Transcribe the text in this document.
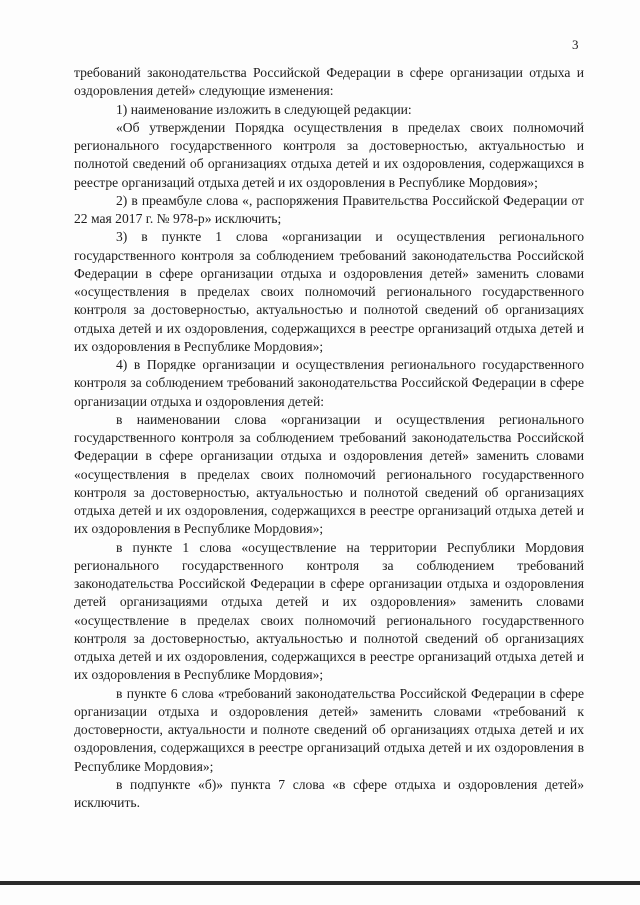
3

требований законодательства Российской Федерации в сфере организации отдыха и оздоровления детей» следующие изменения:

1) наименование изложить в следующей редакции:

«Об утверждении Порядка осуществления в пределах своих полномочий регионального государственного контроля за достоверностью, актуальностью и полнотой сведений об организациях отдыха детей и их оздоровления, содержащихся в реестре организаций отдыха детей и их оздоровления в Республике Мордовия»;

2) в преамбуле слова «, распоряжения Правительства Российской Федерации от 22 мая 2017 г. № 978-р» исключить;

3) в пункте 1 слова «организации и осуществления регионального государственного контроля за соблюдением требований законодательства Российской Федерации в сфере организации отдыха и оздоровления детей» заменить словами «осуществления в пределах своих полномочий регионального государственного контроля за достоверностью, актуальностью и полнотой сведений об организациях отдыха детей и их оздоровления, содержащихся в реестре организаций отдыха детей и их оздоровления в Республике Мордовия»;

4) в Порядке организации и осуществления регионального государственного контроля за соблюдением требований законодательства Российской Федерации в сфере организации отдыха и оздоровления детей:

в наименовании слова «организации и осуществления регионального государственного контроля за соблюдением требований законодательства Российской Федерации в сфере организации отдыха и оздоровления детей» заменить словами «осуществления в пределах своих полномочий регионального государственного контроля за достоверностью, актуальностью и полнотой сведений об организациях отдыха детей и их оздоровления, содержащихся в реестре организаций отдыха детей и их оздоровления в Республике Мордовия»;

в пункте 1 слова «осуществление на территории Республики Мордовия регионального государственного контроля за соблюдением требований законодательства Российской Федерации в сфере организации отдыха и оздоровления детей организациями отдыха детей и их оздоровления» заменить словами «осуществление в пределах своих полномочий регионального государственного контроля за достоверностью, актуальностью и полнотой сведений об организациях отдыха детей и их оздоровления, содержащихся в реестре организаций отдыха детей и их оздоровления в Республике Мордовия»;

в пункте 6 слова «требований законодательства Российской Федерации в сфере организации отдыха и оздоровления детей» заменить словами «требований к достоверности, актуальности и полноте сведений об организациях отдыха детей и их оздоровления, содержащихся в реестре организаций отдыха детей и их оздоровления в Республике Мордовия»;

в подпункте «б)» пункта 7 слова «в сфере отдыха и оздоровления детей» исключить.
